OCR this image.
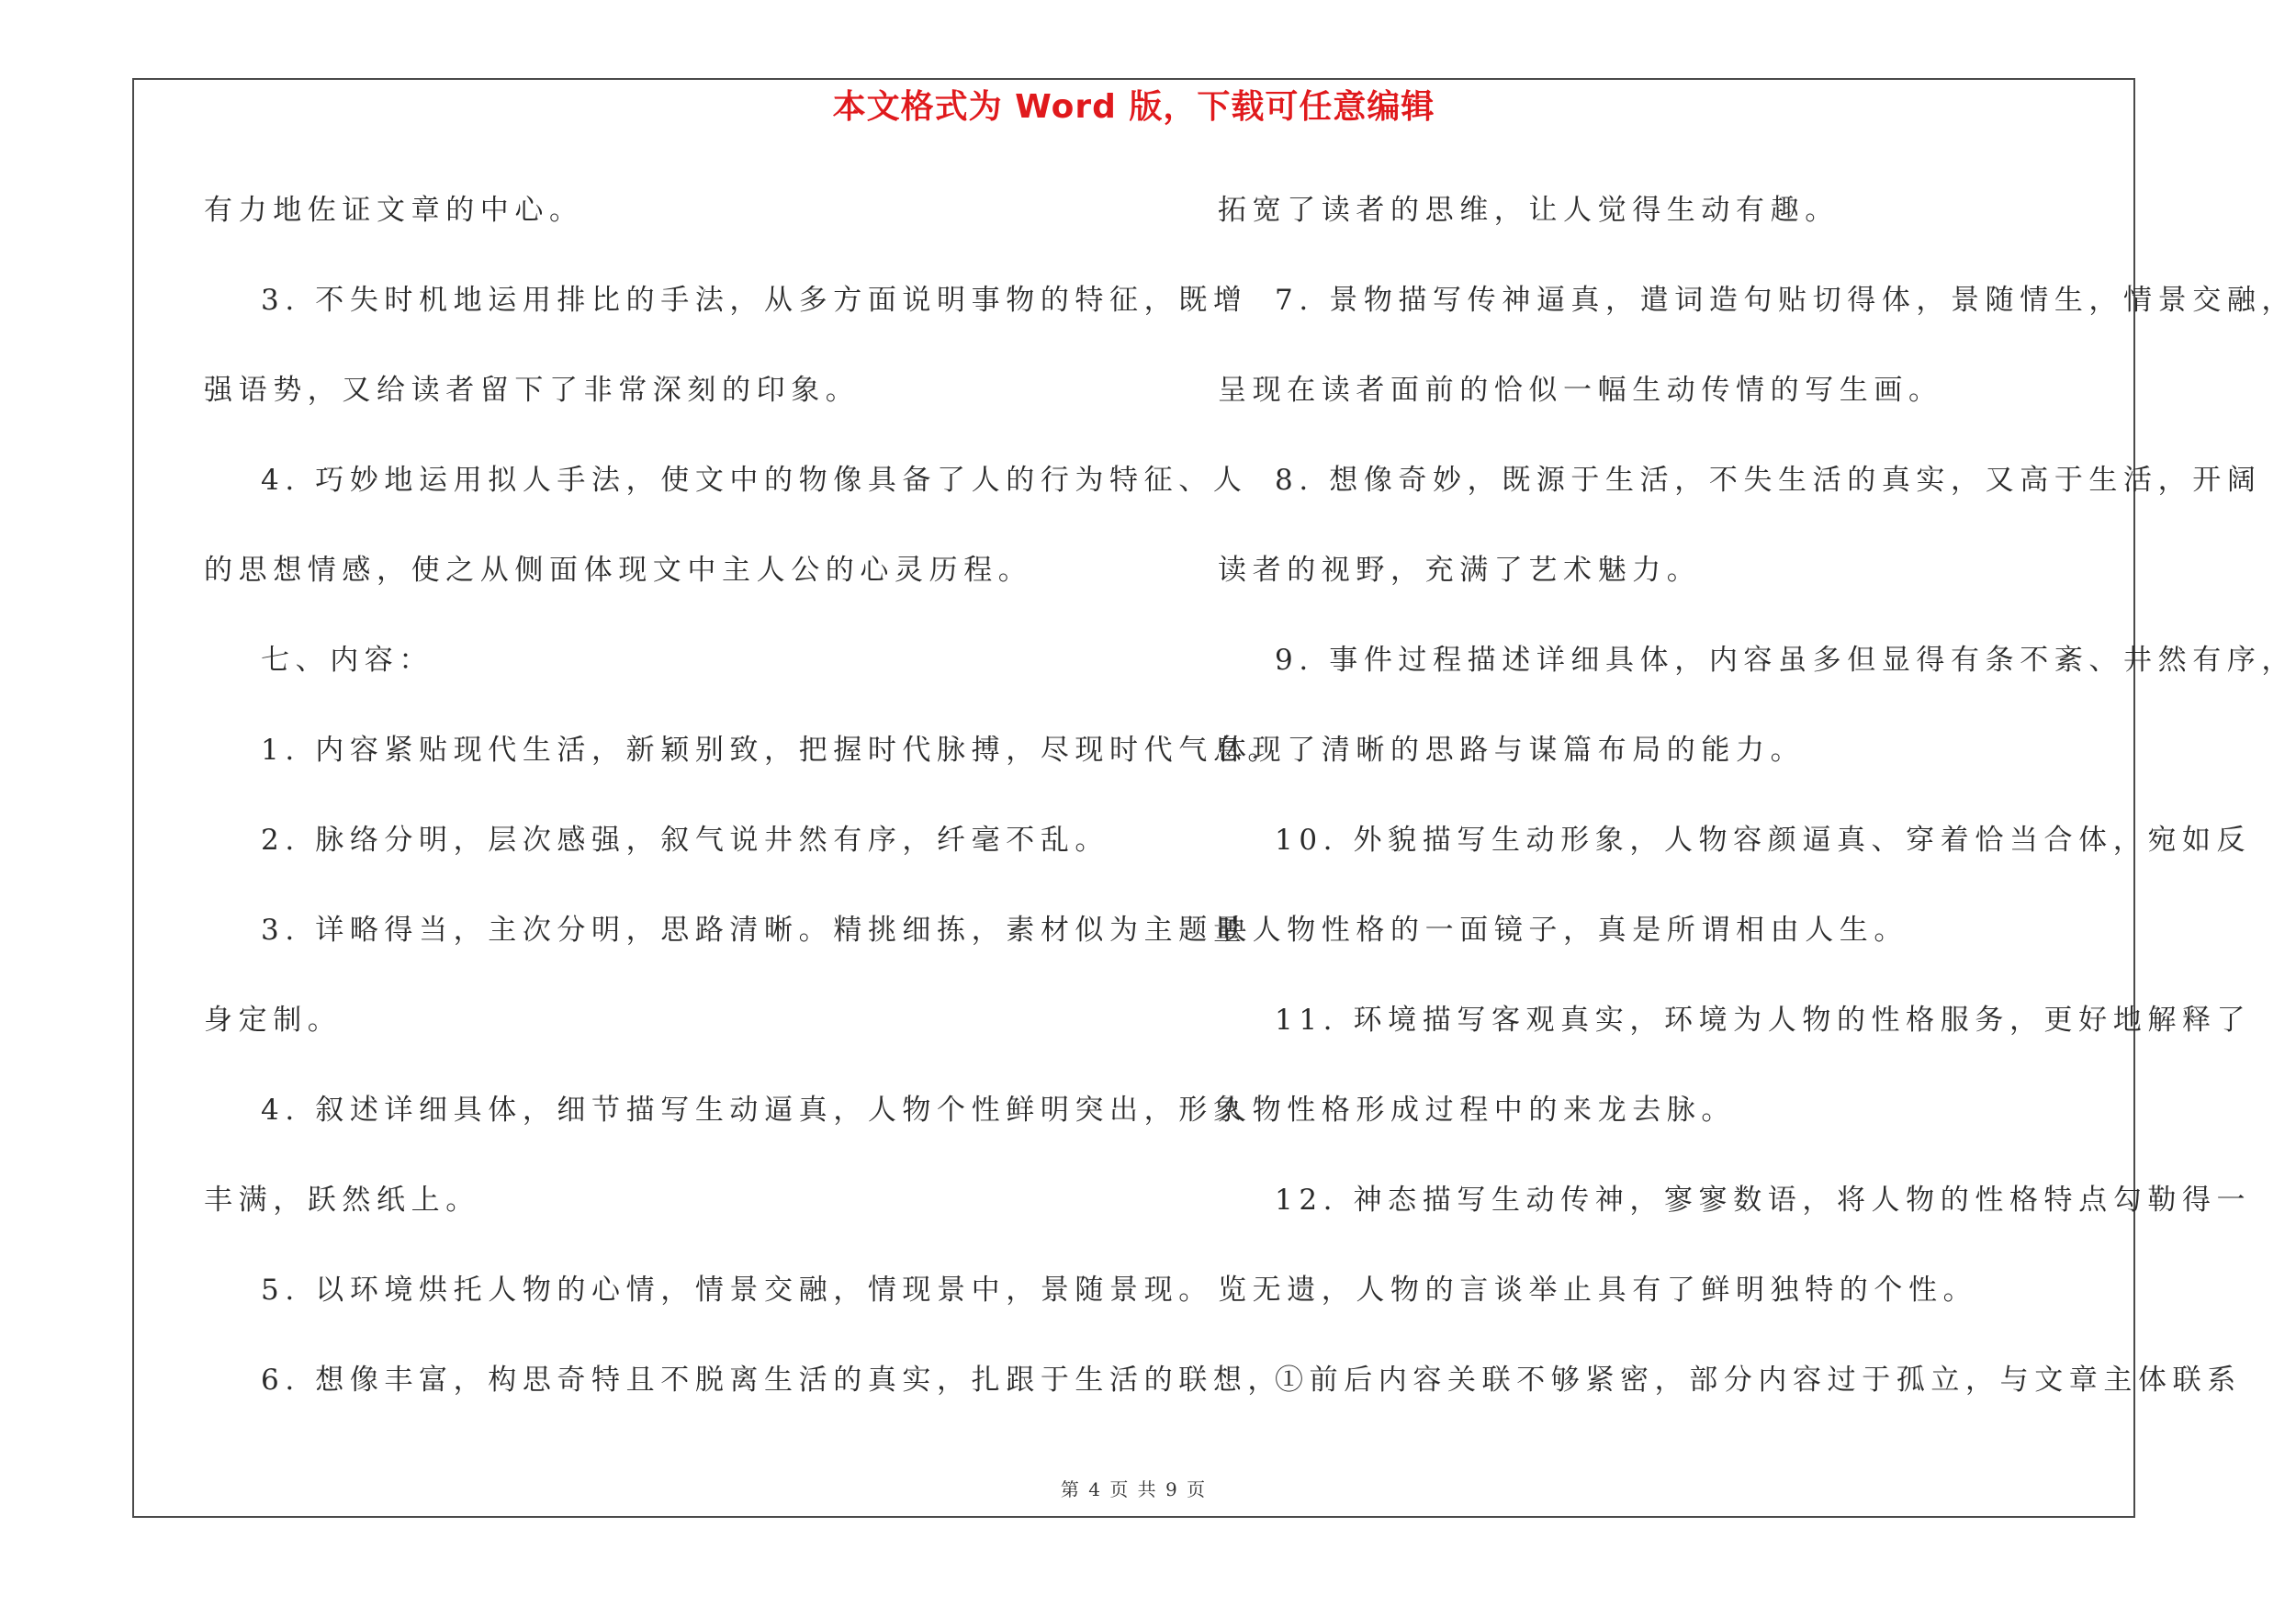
本文格式为 Word 版，下载可任意编辑
有力地佐证文章的中心。
3. 不失时机地运用排比的手法，从多方面说明事物的特征，既增
强语势，又给读者留下了非常深刻的印象。
4. 巧妙地运用拟人手法，使文中的物像具备了人的行为特征、人
的思想情感，使之从侧面体现文中主人公的心灵历程。
七、内容：
1. 内容紧贴现代生活，新颖别致，把握时代脉搏，尽现时代气息。
2. 脉络分明，层次感强，叙气说井然有序，纤毫不乱。
3. 详略得当，主次分明，思路清晰。精挑细拣，素材似为主题量
身定制。
4. 叙述详细具体，细节描写生动逼真，人物个性鲜明突出，形象
丰满，跃然纸上。
5. 以环境烘托人物的心情，情景交融，情现景中，景随景现。
6. 想像丰富，构思奇特且不脱离生活的真实，扎跟于生活的联想，
拓宽了读者的思维，让人觉得生动有趣。
7. 景物描写传神逼真，遣词造句贴切得体，景随情生，情景交融，
呈现在读者面前的恰似一幅生动传情的写生画。
8. 想像奇妙，既源于生活，不失生活的真实，又高于生活，开阔
读者的视野，充满了艺术魅力。
9. 事件过程描述详细具体，内容虽多但显得有条不紊、井然有序，
体现了清晰的思路与谋篇布局的能力。
10. 外貌描写生动形象，人物容颜逼真、穿着恰当合体，宛如反
映人物性格的一面镜子，真是所谓相由人生。
11. 环境描写客观真实，环境为人物的性格服务，更好地解释了
人物性格形成过程中的来龙去脉。
12. 神态描写生动传神，寥寥数语，将人物的性格特点勾勒得一
览无遗，人物的言谈举止具有了鲜明独特的个性。
①前后内容关联不够紧密，部分内容过于孤立，与文章主体联系
第 4 页 共 9 页
